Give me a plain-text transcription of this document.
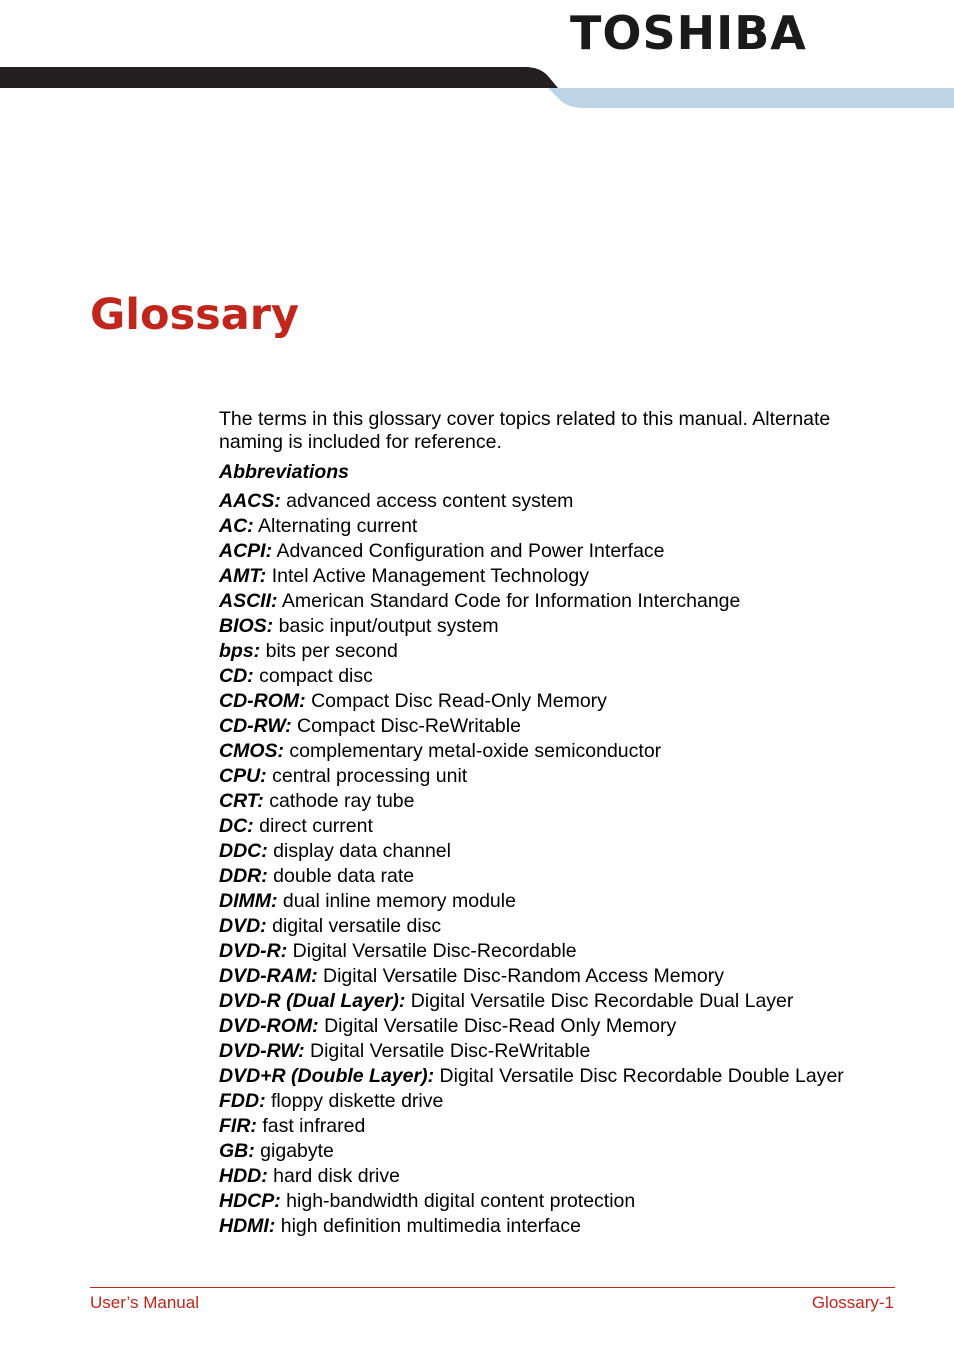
TOSHIBA
Glossary

The terms in this glossary cover topics related to this manual. Alternate naming is included for reference.

Abbreviations

AACS: advanced access content system
AC: Alternating current
ACPI: Advanced Configuration and Power Interface
AMT: Intel Active Management Technology
ASCII: American Standard Code for Information Interchange
BIOS: basic input/output system
bps: bits per second
CD: compact disc
CD-ROM: Compact Disc Read-Only Memory
CD-RW: Compact Disc-ReWritable
CMOS: complementary metal-oxide semiconductor
CPU: central processing unit
CRT: cathode ray tube
DC: direct current
DDC: display data channel
DDR: double data rate
DIMM: dual inline memory module
DVD: digital versatile disc
DVD-R: Digital Versatile Disc-Recordable
DVD-RAM: Digital Versatile Disc-Random Access Memory
DVD-R (Dual Layer): Digital Versatile Disc Recordable Dual Layer
DVD-ROM: Digital Versatile Disc-Read Only Memory
DVD-RW: Digital Versatile Disc-ReWritable
DVD+R (Double Layer): Digital Versatile Disc Recordable Double Layer
FDD: floppy diskette drive
FIR: fast infrared
GB: gigabyte
HDD: hard disk drive
HDCP: high-bandwidth digital content protection
HDMI: high definition multimedia interface
User’s Manual	Glossary-1
